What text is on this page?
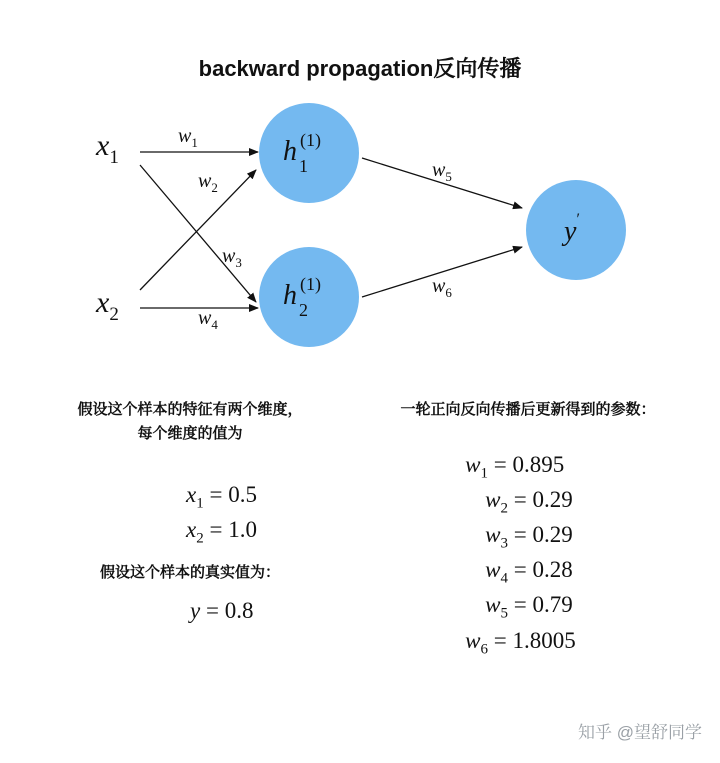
backward propagation反向传播
$x_1$
$x_2$
h (1)
1
h (1)
2
y′
$w_1$
$w_2$
$w_3$
$w_4$
$w_5$
$w_6$
假设这个样本的特征有两个维度，
每个维度的值为
$x_1 = 0.5$
$x_2 = 1.0$
假设这个样本的真实值为：
y = 0.8
一轮正向反向传播后更新得到的参数：
$w_1 = 0.895$
$w_2 = 0.29$
$w_3 = 0.29$
$w_4 = 0.28$
$w_5 = 0.79$
$w_6 = 1.8005$
知乎 @望舒同学
